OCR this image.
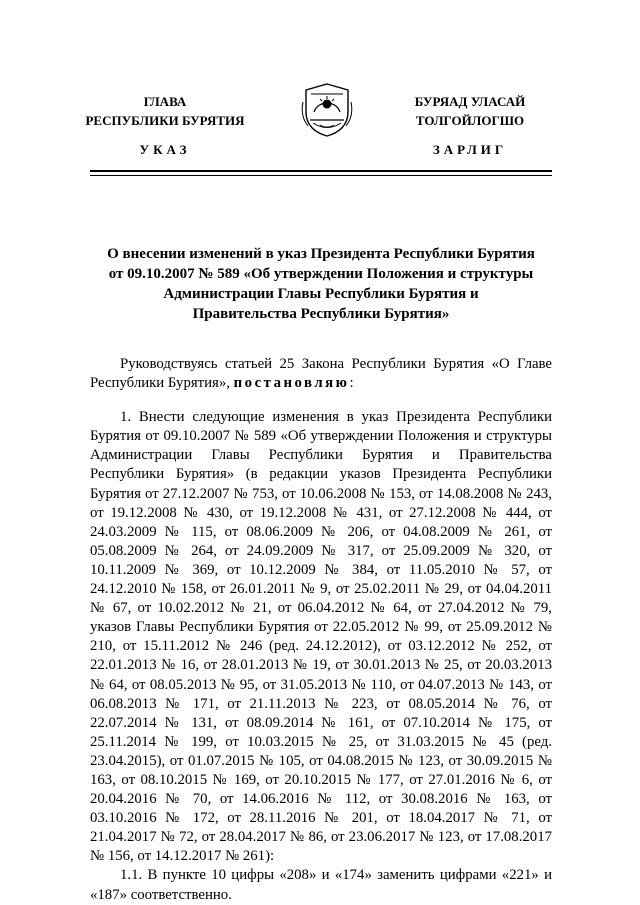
ГЛАВА
РЕСПУБЛИКИ БУРЯТИЯ
БУРЯАД УЛАСАЙ
ТОЛГОЙЛОГШО
УКАЗ	ЗАРЛИГ
О внесении изменений в указ Президента Республики Бурятия
от 09.10.2007 № 589 «Об утверждении Положения и структуры
Администрации Главы Республики Бурятия и
Правительства Республики Бурятия»

Руководствуясь статьей 25 Закона Республики Бурятия «О Главе Республики Бурятия», постановляю:

1. Внести следующие изменения в указ Президента Республики Бурятия от 09.10.2007 № 589 «Об утверждении Положения и структуры Администрации Главы Республики Бурятия и Правительства Республики Бурятия» (в редакции указов Президента Республики Бурятия от 27.12.2007 № 753, от 10.06.2008 № 153, от 14.08.2008 № 243, от 19.12.2008 № 430, от 19.12.2008 № 431, от 27.12.2008 № 444, от 24.03.2009 № 115, от 08.06.2009 № 206, от 04.08.2009 № 261, от 05.08.2009 № 264, от 24.09.2009 № 317, от 25.09.2009 № 320, от 10.11.2009 № 369, от 10.12.2009 № 384, от 11.05.2010 № 57, от 24.12.2010 № 158, от 26.01.2011 № 9, от 25.02.2011 № 29, от 04.04.2011 № 67, от 10.02.2012 № 21, от 06.04.2012 № 64, от 27.04.2012 № 79, указов Главы Республики Бурятия от 22.05.2012 № 99, от 25.09.2012 № 210, от 15.11.2012 № 246 (ред. 24.12.2012), от 03.12.2012 № 252, от 22.01.2013 № 16, от 28.01.2013 № 19, от 30.01.2013 № 25, от 20.03.2013 № 64, от 08.05.2013 № 95, от 31.05.2013 № 110, от 04.07.2013 № 143, от 06.08.2013 № 171, от 21.11.2013 № 223, от 08.05.2014 № 76, от 22.07.2014 № 131, от 08.09.2014 № 161, от 07.10.2014 № 175, от 25.11.2014 № 199, от 10.03.2015 № 25, от 31.03.2015 № 45 (ред. 23.04.2015), от 01.07.2015 № 105, от 04.08.2015 № 123, от 30.09.2015 № 163, от 08.10.2015 № 169, от 20.10.2015 № 177, от 27.01.2016 № 6, от 20.04.2016 № 70, от 14.06.2016 № 112, от 30.08.2016 № 163, от 03.10.2016 № 172, от 28.11.2016 № 201, от 18.04.2017 № 71, от 21.04.2017 № 72, от 28.04.2017 № 86, от 23.06.2017 № 123, от 17.08.2017 № 156, от 14.12.2017 № 261):

1.1. В пункте 10 цифры «208» и «174» заменить цифрами «221» и «187» соответственно.
